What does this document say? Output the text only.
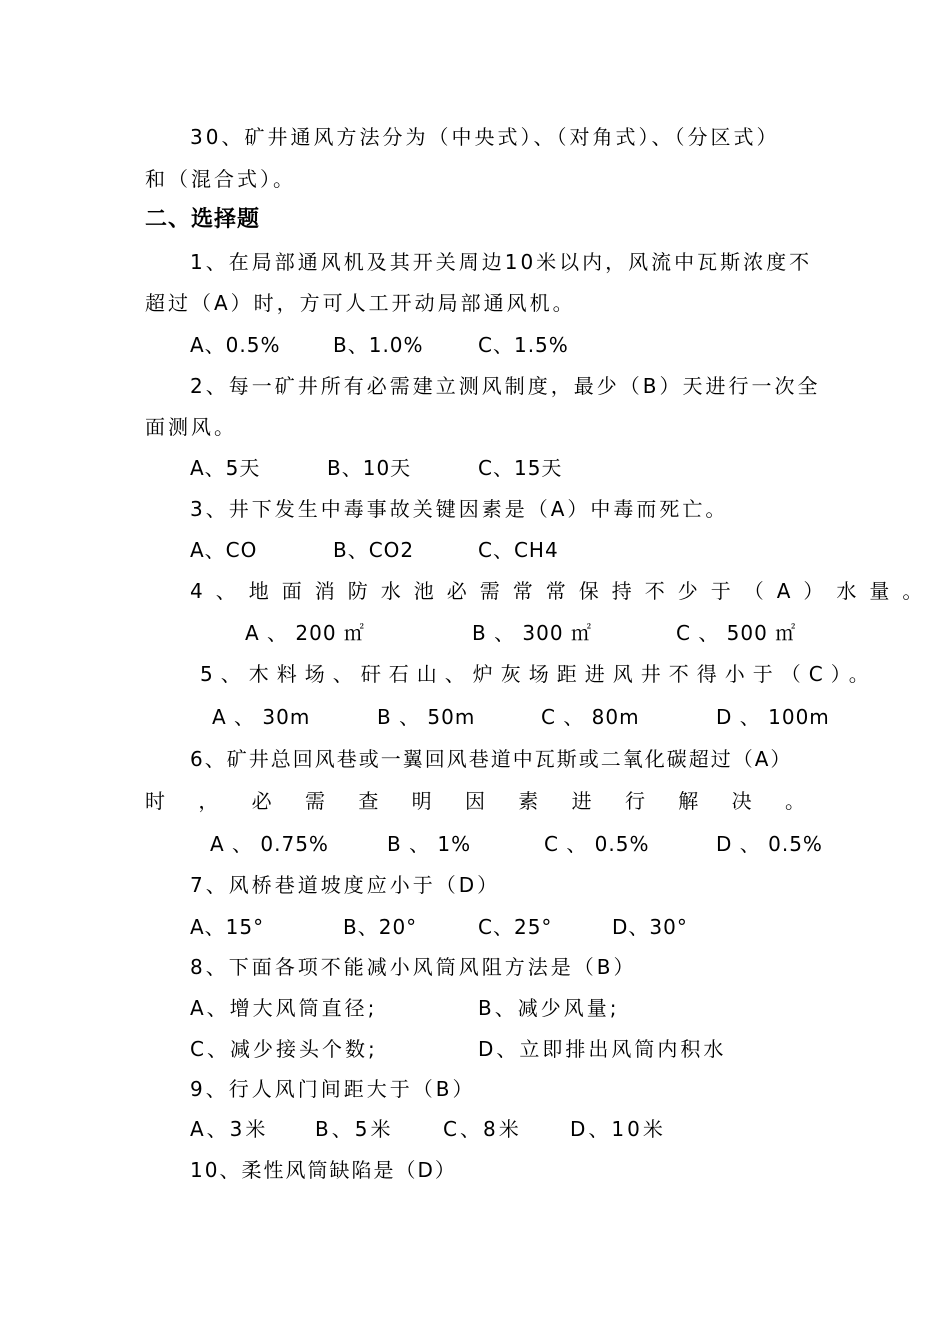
30、矿井通风方法分为（中央式）、（对角式）、（分区式）
和（混合式）。
二、选择题
1、在局部通风机及其开关周边10米以内，风流中瓦斯浓度不
超过（A）时，方可人工开动局部通风机。
A、0.5%	B、1.0%	C、1.5%
2、每一矿井所有必需建立测风制度，最少（B）天进行一次全
面测风。
A、5天	B、10天	C、15天
3、井下发生中毒事故关键因素是（A）中毒而死亡。
A、CO	B、CO2	C、CH4
4、地面消防水池必需常常保持不少于（A）水量。
A 、 200 ㎡	B 、 300 ㎡	C 、 500 ㎡
5、木料场、矸石山、炉灰场距进风井不得小于（C）。
A 、 30m	B 、 50m	C 、 80m	D 、 100m
6、矿井总回风巷或一翼回风巷道中瓦斯或二氧化碳超过（A）
时 ， 必 需 查 明 因 素 进 行 解 决 。
A 、 0.75%	B 、 1%	C 、 0.5%	D 、 0.5%
7、风桥巷道坡度应小于（D）
A、15°	B、20°	C、25°	D、30°
8、下面各项不能减小风筒风阻方法是（B）
A、增大风筒直径;	B、减少风量;
C、减少接头个数;	D、立即排出风筒内积水
9、行人风门间距大于（B）
A、3米 B、5米 C、8米 D、10米
10、柔性风筒缺陷是（D）
